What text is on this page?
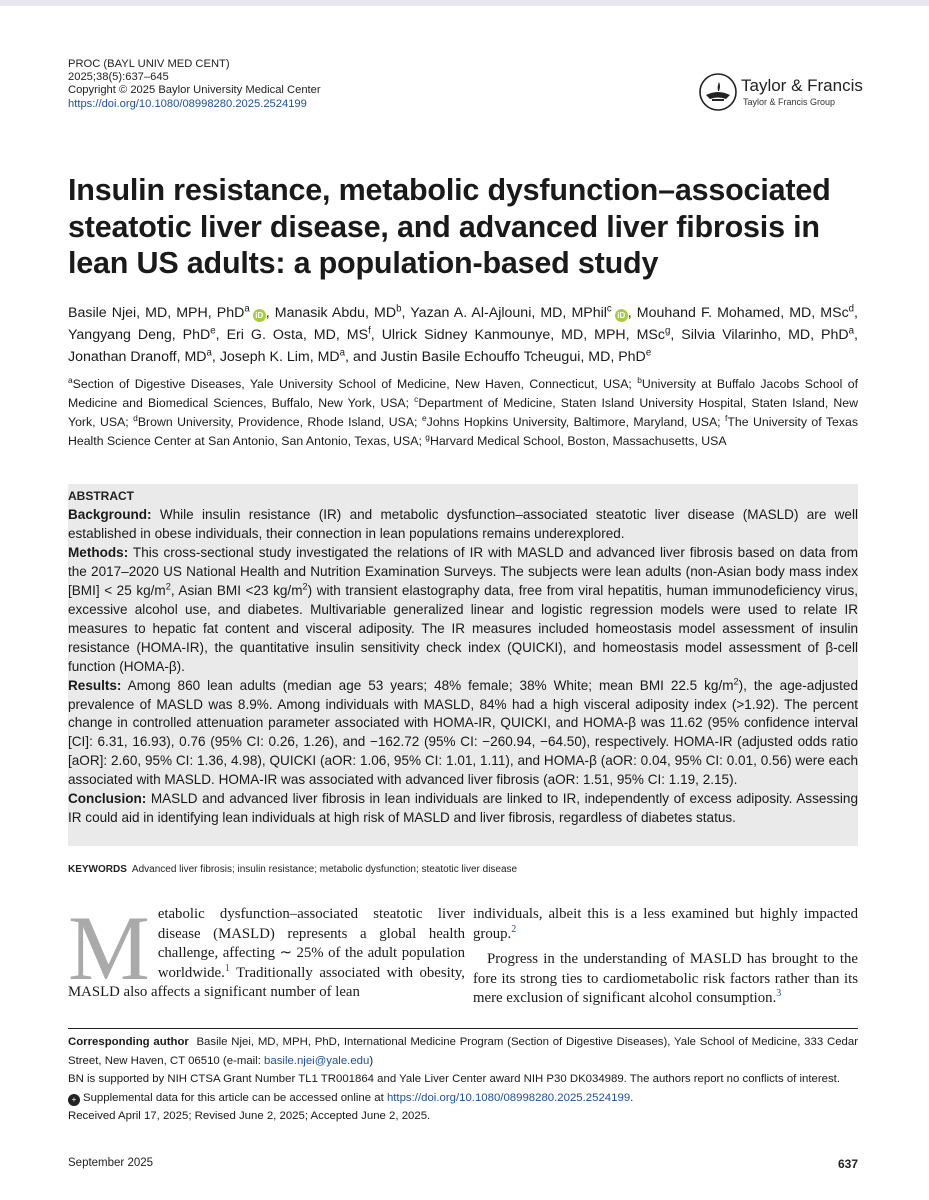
PROC (BAYL UNIV MED CENT)
2025;38(5):637–645
Copyright © 2025 Baylor University Medical Center
https://doi.org/10.1080/08998280.2025.2524199
Taylor & Francis
Taylor & Francis Group
Insulin resistance, metabolic dysfunction–associated steatotic liver disease, and advanced liver fibrosis in lean US adults: a population-based study
Basile Njei, MD, MPH, PhD$^a$iD , Manasik Abdu, $MD^b$, Yazan A. Al-Ajlouni, MD, MPhil$^c$iD , Mouhand F. Mohamed, MD, MSc$^d$, Yangyang Deng, PhD$^e$, Eri G. Osta, MD, $MS^f$, Ulrick Sidney Kanmounye, MD, MPH, MSc$^g$, Silvia Vilarinho, MD, PhD$^a$, Jonathan Dranoff, $MD^a$, Joseph K. Lim, $MD^a$, and Justin Basile Echouffo Tcheugui, MD, PhD$^e$
$^a$Section of Digestive Diseases, Yale University School of Medicine, New Haven, Connecticut, USA; $^b$University at Buffalo Jacobs School of Medicine and Biomedical Sciences, Buffalo, New York, USA; $^c$Department of Medicine, Staten Island University Hospital, Staten Island, New York, USA; $^d$Brown University, Providence, Rhode Island, USA; $^e$Johns Hopkins University, Baltimore, Maryland, USA; $^f$The University of Texas Health Science Center at San Antonio, San Antonio, Texas, USA; $^g$Harvard Medical School, Boston, Massachusetts, USA
ABSTRACT

Background: While insulin resistance (IR) and metabolic dysfunction–associated steatotic liver disease (MASLD) are well established in obese individuals, their connection in lean populations remains underexplored.

Methods: This cross-sectional study investigated the relations of IR with MASLD and advanced liver fibrosis based on data from the 2017–2020 US National Health and Nutrition Examination Surveys. The subjects were lean adults (non-Asian body mass index [BMI] < 25 $kg/m^2$, Asian BMI <23 $kg/m^2$) with transient elastography data, free from viral hepatitis, human immunodeficiency virus, excessive alcohol use, and diabetes. Multivariable generalized linear and logistic regression models were used to relate IR measures to hepatic fat content and visceral adiposity. The IR measures included homeostasis model assessment of insulin resistance (HOMA-IR), the quantitative insulin sensitivity check index (QUICKI), and homeostasis model assessment of β-cell function (HOMA-β).

Results: Among 860 lean adults (median age 53 years; 48% female; 38% White; mean BMI 22.5 $kg/m^2$), the age-adjusted prevalence of MASLD was 8.9%. Among individuals with MASLD, 84% had a high visceral adiposity index (>1.92). The percent change in controlled attenuation parameter associated with HOMA-IR, QUICKI, and HOMA-β was 11.62 (95% confidence interval [CI]: 6.31, 16.93), 0.76 (95% CI: 0.26, 1.26), and −162.72 (95% CI: −260.94, −64.50), respectively. HOMA-IR (adjusted odds ratio [aOR]: 2.60, 95% CI: 1.36, 4.98), QUICKI (aOR: 1.06, 95% CI: 1.01, 1.11), and HOMA-β (aOR: 0.04, 95% CI: 0.01, 0.56) were each associated with MASLD. HOMA-IR was associated with advanced liver fibrosis (aOR: 1.51, 95% CI: 1.19, 2.15).

Conclusion: MASLD and advanced liver fibrosis in lean individuals are linked to IR, independently of excess adiposity. Assessing IR could aid in identifying lean individuals at high risk of MASLD and liver fibrosis, regardless of diabetes status.

KEYWORDS Advanced liver fibrosis; insulin resistance; metabolic dysfunction; steatotic liver disease
Metabolic dysfunction–associated steatotic liver disease (MASLD) represents a global health challenge, affecting ∼ 25% of the adult population worldwide.$^1$ Traditionally associated with obesity, MASLD also affects a significant number of lean

individuals, albeit this is a less examined but highly impacted group.$^2$

Progress in the understanding of MASLD has brought to the fore its strong ties to cardiometabolic risk factors rather than its mere exclusion of significant alcohol consumption.$^3$

Corresponding author Basile Njei, MD, MPH, PhD, International Medicine Program (Section of Digestive Diseases), Yale School of Medicine, 333 Cedar Street, New Haven, CT 06510 (e-mail: basile.njei@yale.edu)

BN is supported by NIH CTSA Grant Number TL1 TR001864 and Yale Liver Center award NIH P30 DK034989. The authors report no conflicts of interest.

+ Supplemental data for this article can be accessed online at https://doi.org/10.1080/08998280.2025.2524199.

Received April 17, 2025; Revised June 2, 2025; Accepted June 2, 2025.

September 2025	637
